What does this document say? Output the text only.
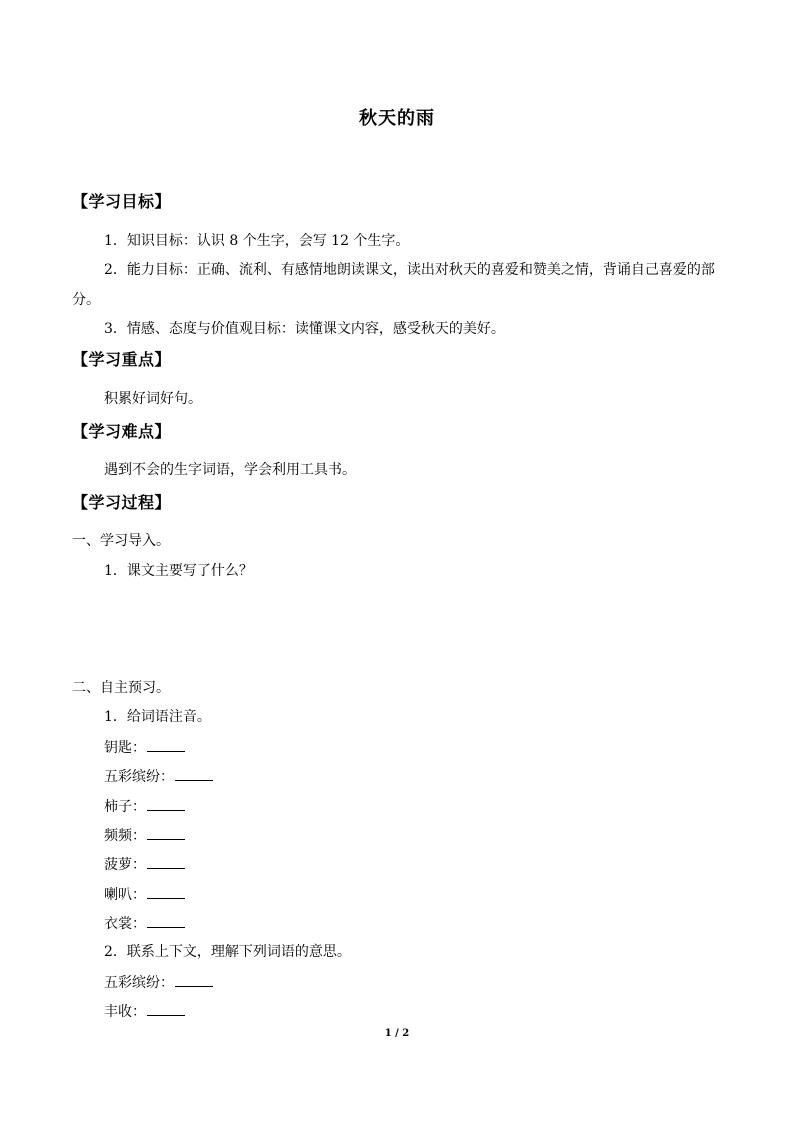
秋天的雨
【学习目标】
1．知识目标：认识 8 个生字，会写 12 个生字。
2．能力目标：正确、流利、有感情地朗读课文，读出对秋天的喜爱和赞美之情，背诵自己喜爱的部分。
3．情感、态度与价值观目标：读懂课文内容，感受秋天的美好。
【学习重点】
积累好词好句。
【学习难点】
遇到不会的生字词语，学会利用工具书。
【学习过程】
一、学习导入。
1．课文主要写了什么？
二、自主预习。
1．给词语注音。
钥匙：
五彩缤纷：
柿子：
频频：
菠萝：
喇叭：
衣裳：
2．联系上下文，理解下列词语的意思。
五彩缤纷：
丰收：
1 / 2
